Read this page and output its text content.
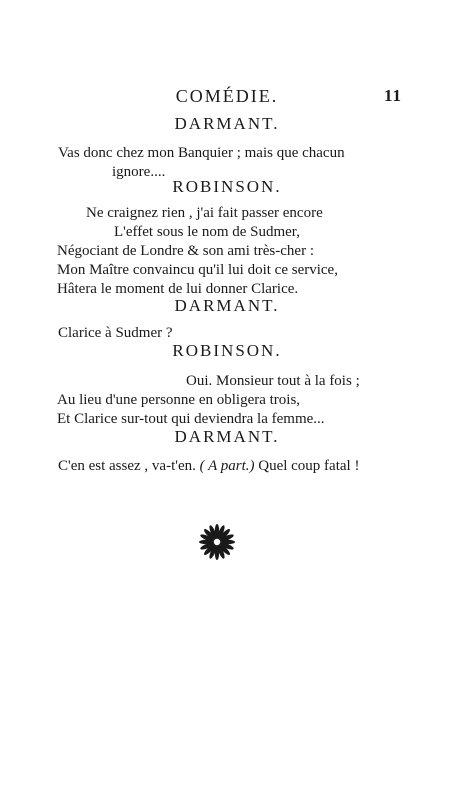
COMÉDIE.	11
DARMANT.
Vas donc chez mon Banquier ; mais que chacun
ignore....
ROBINSON.
Ne craignez rien , j'ai fait passer encore
L'effet sous le nom de Sudmer,
Négociant de Londre & son ami très-cher :
Mon Maître convaincu qu'il lui doit ce service,
Hâtera le moment de lui donner Clarice.
DARMANT.
Clarice à Sudmer ?
ROBINSON.
Oui. Monsieur tout à la fois ;
Au lieu d'une personne en obligera trois,
Et Clarice sur-tout qui deviendra la femme...
DARMANT.
C'en est assez , va-t'en. ( A part.) Quel coup fatal !
